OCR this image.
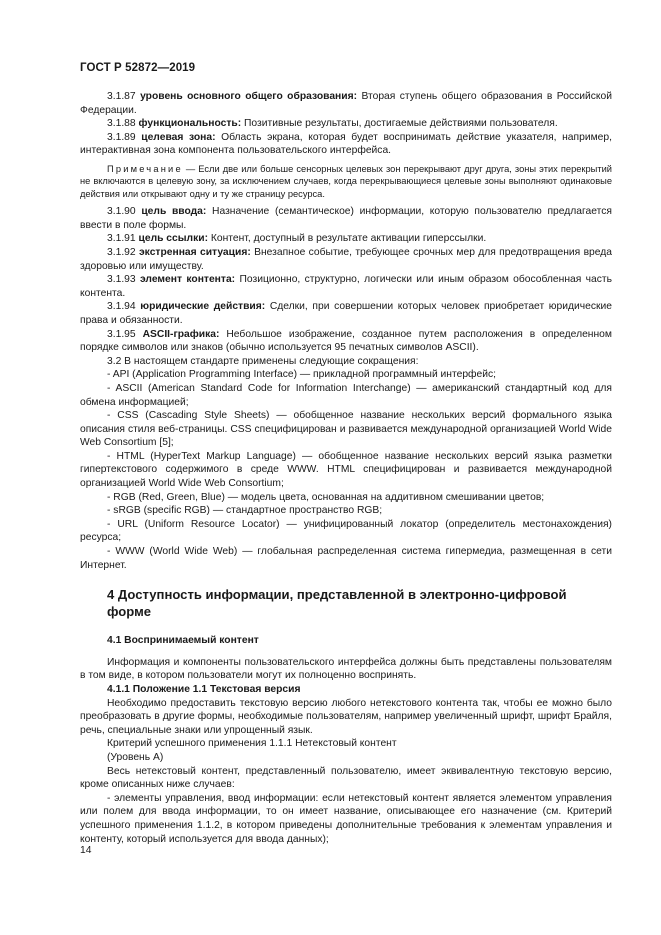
ГОСТ Р 52872—2019

3.1.87 уровень основного общего образования: Вторая ступень общего образования в Российской Федерации.

3.1.88 функциональность: Позитивные результаты, достигаемые действиями пользователя.

3.1.89 целевая зона: Область экрана, которая будет воспринимать действие указателя, например, интерактивная зона компонента пользовательского интерфейса.

Примечание — Если две или больше сенсорных целевых зон перекрывают друг друга, зоны этих перекрытий не включаются в целевую зону, за исключением случаев, когда перекрывающиеся целевые зоны выполняют одинаковые действия или открывают одну и ту же страницу ресурса.

3.1.90 цель ввода: Назначение (семантическое) информации, которую пользователю предлагается ввести в поле формы.

3.1.91 цель ссылки: Контент, доступный в результате активации гиперссылки.

3.1.92 экстренная ситуация: Внезапное событие, требующее срочных мер для предотвращения вреда здоровью или имуществу.

3.1.93 элемент контента: Позиционно, структурно, логически или иным образом обособленная часть контента.

3.1.94 юридические действия: Сделки, при совершении которых человек приобретает юридические права и обязанности.

3.1.95 ASCII-графика: Небольшое изображение, созданное путем расположения в определенном порядке символов или знаков (обычно используется 95 печатных символов ASCII).

3.2 В настоящем стандарте применены следующие сокращения:

- API (Application Programming Interface) — прикладной программный интерфейс;

- ASCII (American Standard Code for Information Interchange) — американский стандартный код для обмена информацией;

- CSS (Cascading Style Sheets) — обобщенное название нескольких версий формального языка описания стиля веб-страницы. CSS специфицирован и развивается международной организацией World Wide Web Consortium [5];

- HTML (HyperText Markup Language) — обобщенное название нескольких версий языка разметки гипертекстового содержимого в среде WWW. HTML специфицирован и развивается международной организацией World Wide Web Consortium;

- RGB (Red, Green, Blue) — модель цвета, основанная на аддитивном смешивании цветов;

- sRGB (specific RGB) — стандартное пространство RGB;

- URL (Uniform Resource Locator) — унифицированный локатор (определитель местонахождения) ресурса;

- WWW (World Wide Web) — глобальная распределенная система гипермедиа, размещенная в сети Интернет.

4 Доступность информации, представленной в электронно-цифровой форме
4.1 Воспринимаемый контент

Информация и компоненты пользовательского интерфейса должны быть представлены пользователям в том виде, в котором пользователи могут их полноценно воспринять.

4.1.1 Положение 1.1 Текстовая версия

Необходимо предоставить текстовую версию любого нетекстового контента так, чтобы ее можно было преобразовать в другие формы, необходимые пользователям, например увеличенный шрифт, шрифт Брайля, речь, специальные знаки или упрощенный язык.

Критерий успешного применения 1.1.1 Нетекстовый контент

(Уровень А)

Весь нетекстовый контент, представленный пользователю, имеет эквивалентную текстовую версию, кроме описанных ниже случаев:

- элементы управления, ввод информации: если нетекстовый контент является элементом управления или полем для ввода информации, то он имеет название, описывающее его назначение (см. Критерий успешного применения 1.1.2, в котором приведены дополнительные требования к элементам управления и контенту, который используется для ввода данных);

14
